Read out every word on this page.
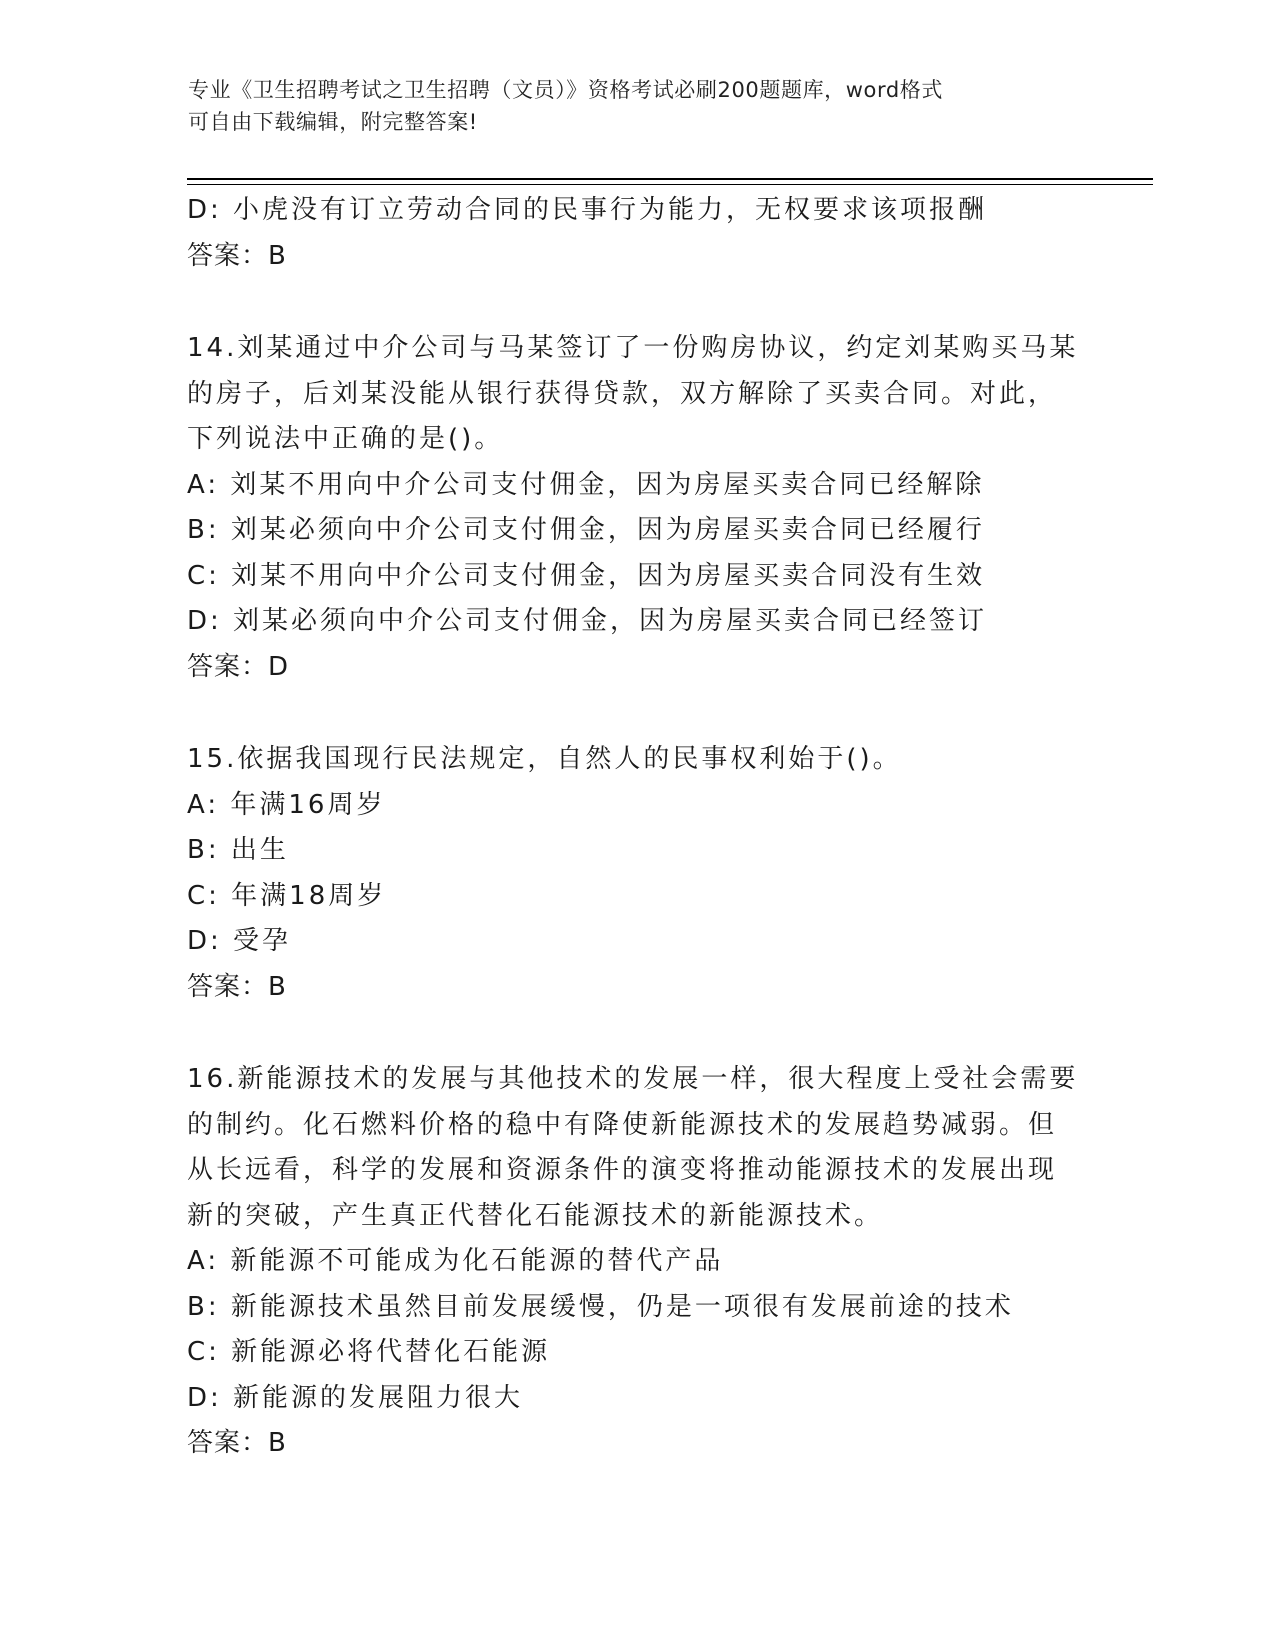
专业《卫生招聘考试之卫生招聘（文员）》资格考试必刷200题题库，word格式
可自由下载编辑，附完整答案!
D: 小虎没有订立劳动合同的民事行为能力，无权要求该项报酬
答案：B
14.刘某通过中介公司与马某签订了一份购房协议，约定刘某购买马某
的房子，后刘某没能从银行获得贷款，双方解除了买卖合同。对此，
下列说法中正确的是()。
A: 刘某不用向中介公司支付佣金，因为房屋买卖合同已经解除
B: 刘某必须向中介公司支付佣金，因为房屋买卖合同已经履行
C: 刘某不用向中介公司支付佣金，因为房屋买卖合同没有生效
D: 刘某必须向中介公司支付佣金，因为房屋买卖合同已经签订
答案：D
15.依据我国现行民法规定，自然人的民事权利始于()。
A: 年满16周岁
B: 出生
C: 年满18周岁
D: 受孕
答案：B
16.新能源技术的发展与其他技术的发展一样，很大程度上受社会需要
的制约。化石燃料价格的稳中有降使新能源技术的发展趋势减弱。但
从长远看，科学的发展和资源条件的演变将推动能源技术的发展出现
新的突破，产生真正代替化石能源技术的新能源技术。
A: 新能源不可能成为化石能源的替代产品
B: 新能源技术虽然目前发展缓慢，仍是一项很有发展前途的技术
C: 新能源必将代替化石能源
D: 新能源的发展阻力很大
答案：B
